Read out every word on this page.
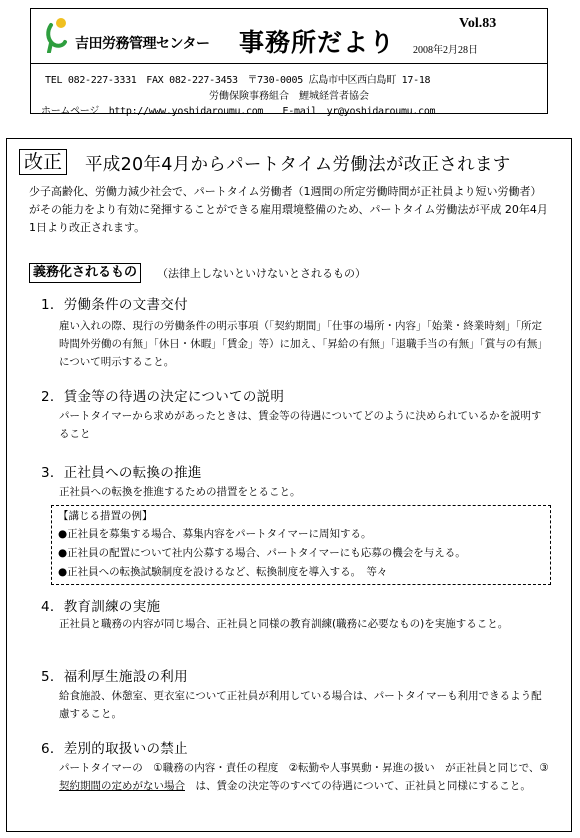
吉田労務管理センター 事務所だより
Vol.83
2008年2月28日
TEL 082-227-3331　FAX 082-227-3453　〒730-0005 広島市中区西白島町 17-18
労働保険事務組合　鯉城経営者協会
ホームページ　http://www.yoshidaroumu.com　　E-mail　yr@yoshidaroumu.com
改正 平成20年4月からパートタイム労働法が改正されます

少子高齢化、労働力減少社会で、パートタイム労働者（1週間の所定労働時間が正社員より短い労働者）がその能力をより有効に発揮することができる雇用環境整備のため、パートタイム労働法が平成 20年4月1日より改正されます。

義務化されるもの	（法律上しないといけないとされるもの）
1．労働条件の文書交付

雇い入れの際、現行の労働条件の明示事項（「契約期間」「仕事の場所・内容」「始業・終業時刻」「所定時間外労働の有無」「休日・休暇」「賃金」等）に加え、「昇給の有無」「退職手当の有無」「賞与の有無」について明示すること。

2．賃金等の待遇の決定についての説明

パートタイマーから求めがあったときは、賃金等の待遇についてどのように決められているかを説明すること

3．正社員への転換の推進

正社員への転換を推進するための措置をとること。

【講じる措置の例】
●正社員を募集する場合、募集内容をパートタイマーに周知する。
●正社員の配置について社内公募する場合、パートタイマーにも応募の機会を与える。
●正社員への転換試験制度を設けるなど、転換制度を導入する。　等々
4．教育訓練の実施

正社員と職務の内容が同じ場合、正社員と同様の教育訓練(職務に必要なもの)を実施すること。

5．福利厚生施設の利用

給食施設、休憩室、更衣室について正社員が利用している場合は、パートタイマーも利用できるよう配慮すること。

6．差別的取扱いの禁止

パートタイマーの　①職務の内容・責任の程度　②転勤や人事異動・昇進の扱い　が正社員と同じで、③契約期間の定めがない場合　は、賃金の決定等のすべての待遇について、正社員と同様にすること。
